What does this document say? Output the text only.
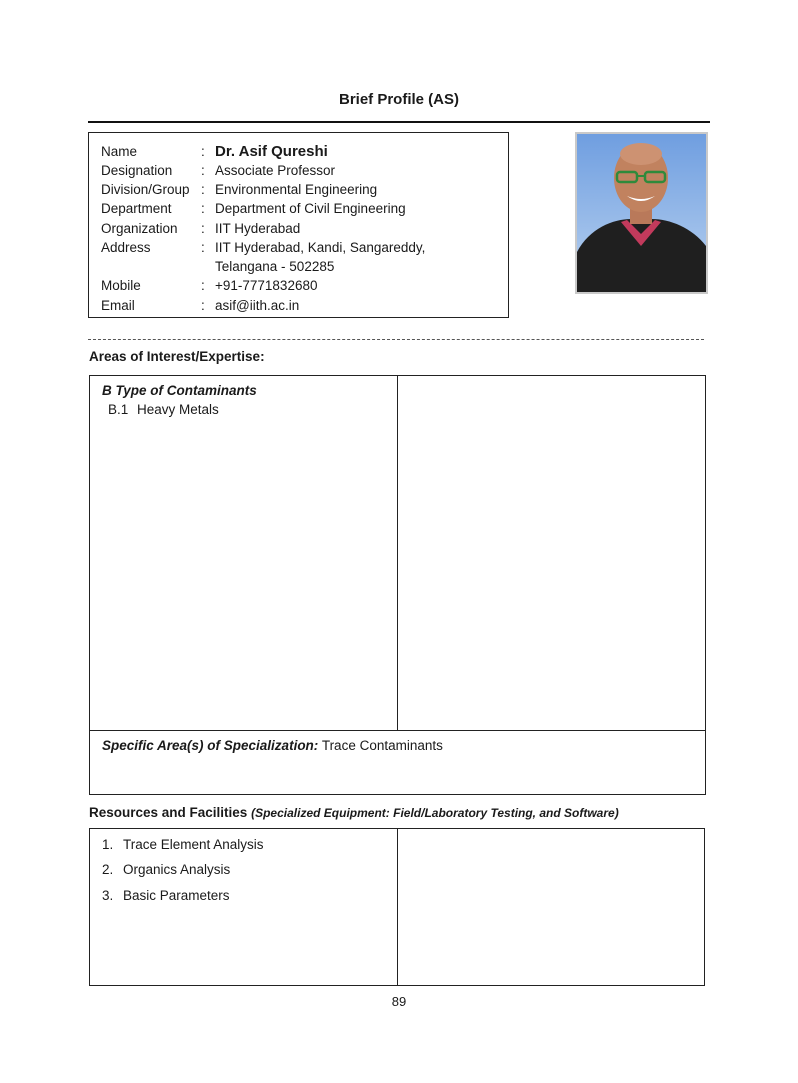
Brief Profile (AS)
Name	: Dr. Asif Qureshi
Designation	: Associate Professor
Division/Group : Environmental Engineering
Department	: Department of Civil Engineering
Organization	: IIT Hyderabad
Address	: IIT Hyderabad, Kandi, Sangareddy,
Telangana - 502285
Mobile	: +91-7771832680
Email	: asif@iith.ac.in
Areas of Interest/Expertise:
B Type of Contaminants
B.1 Heavy Metals
Specific Area(s) of Specialization: Trace Contaminants
Resources and Facilities (Specialized Equipment: Field/Laboratory Testing, and Software)
1. Trace Element Analysis
2. Organics Analysis
3. Basic Parameters
89
